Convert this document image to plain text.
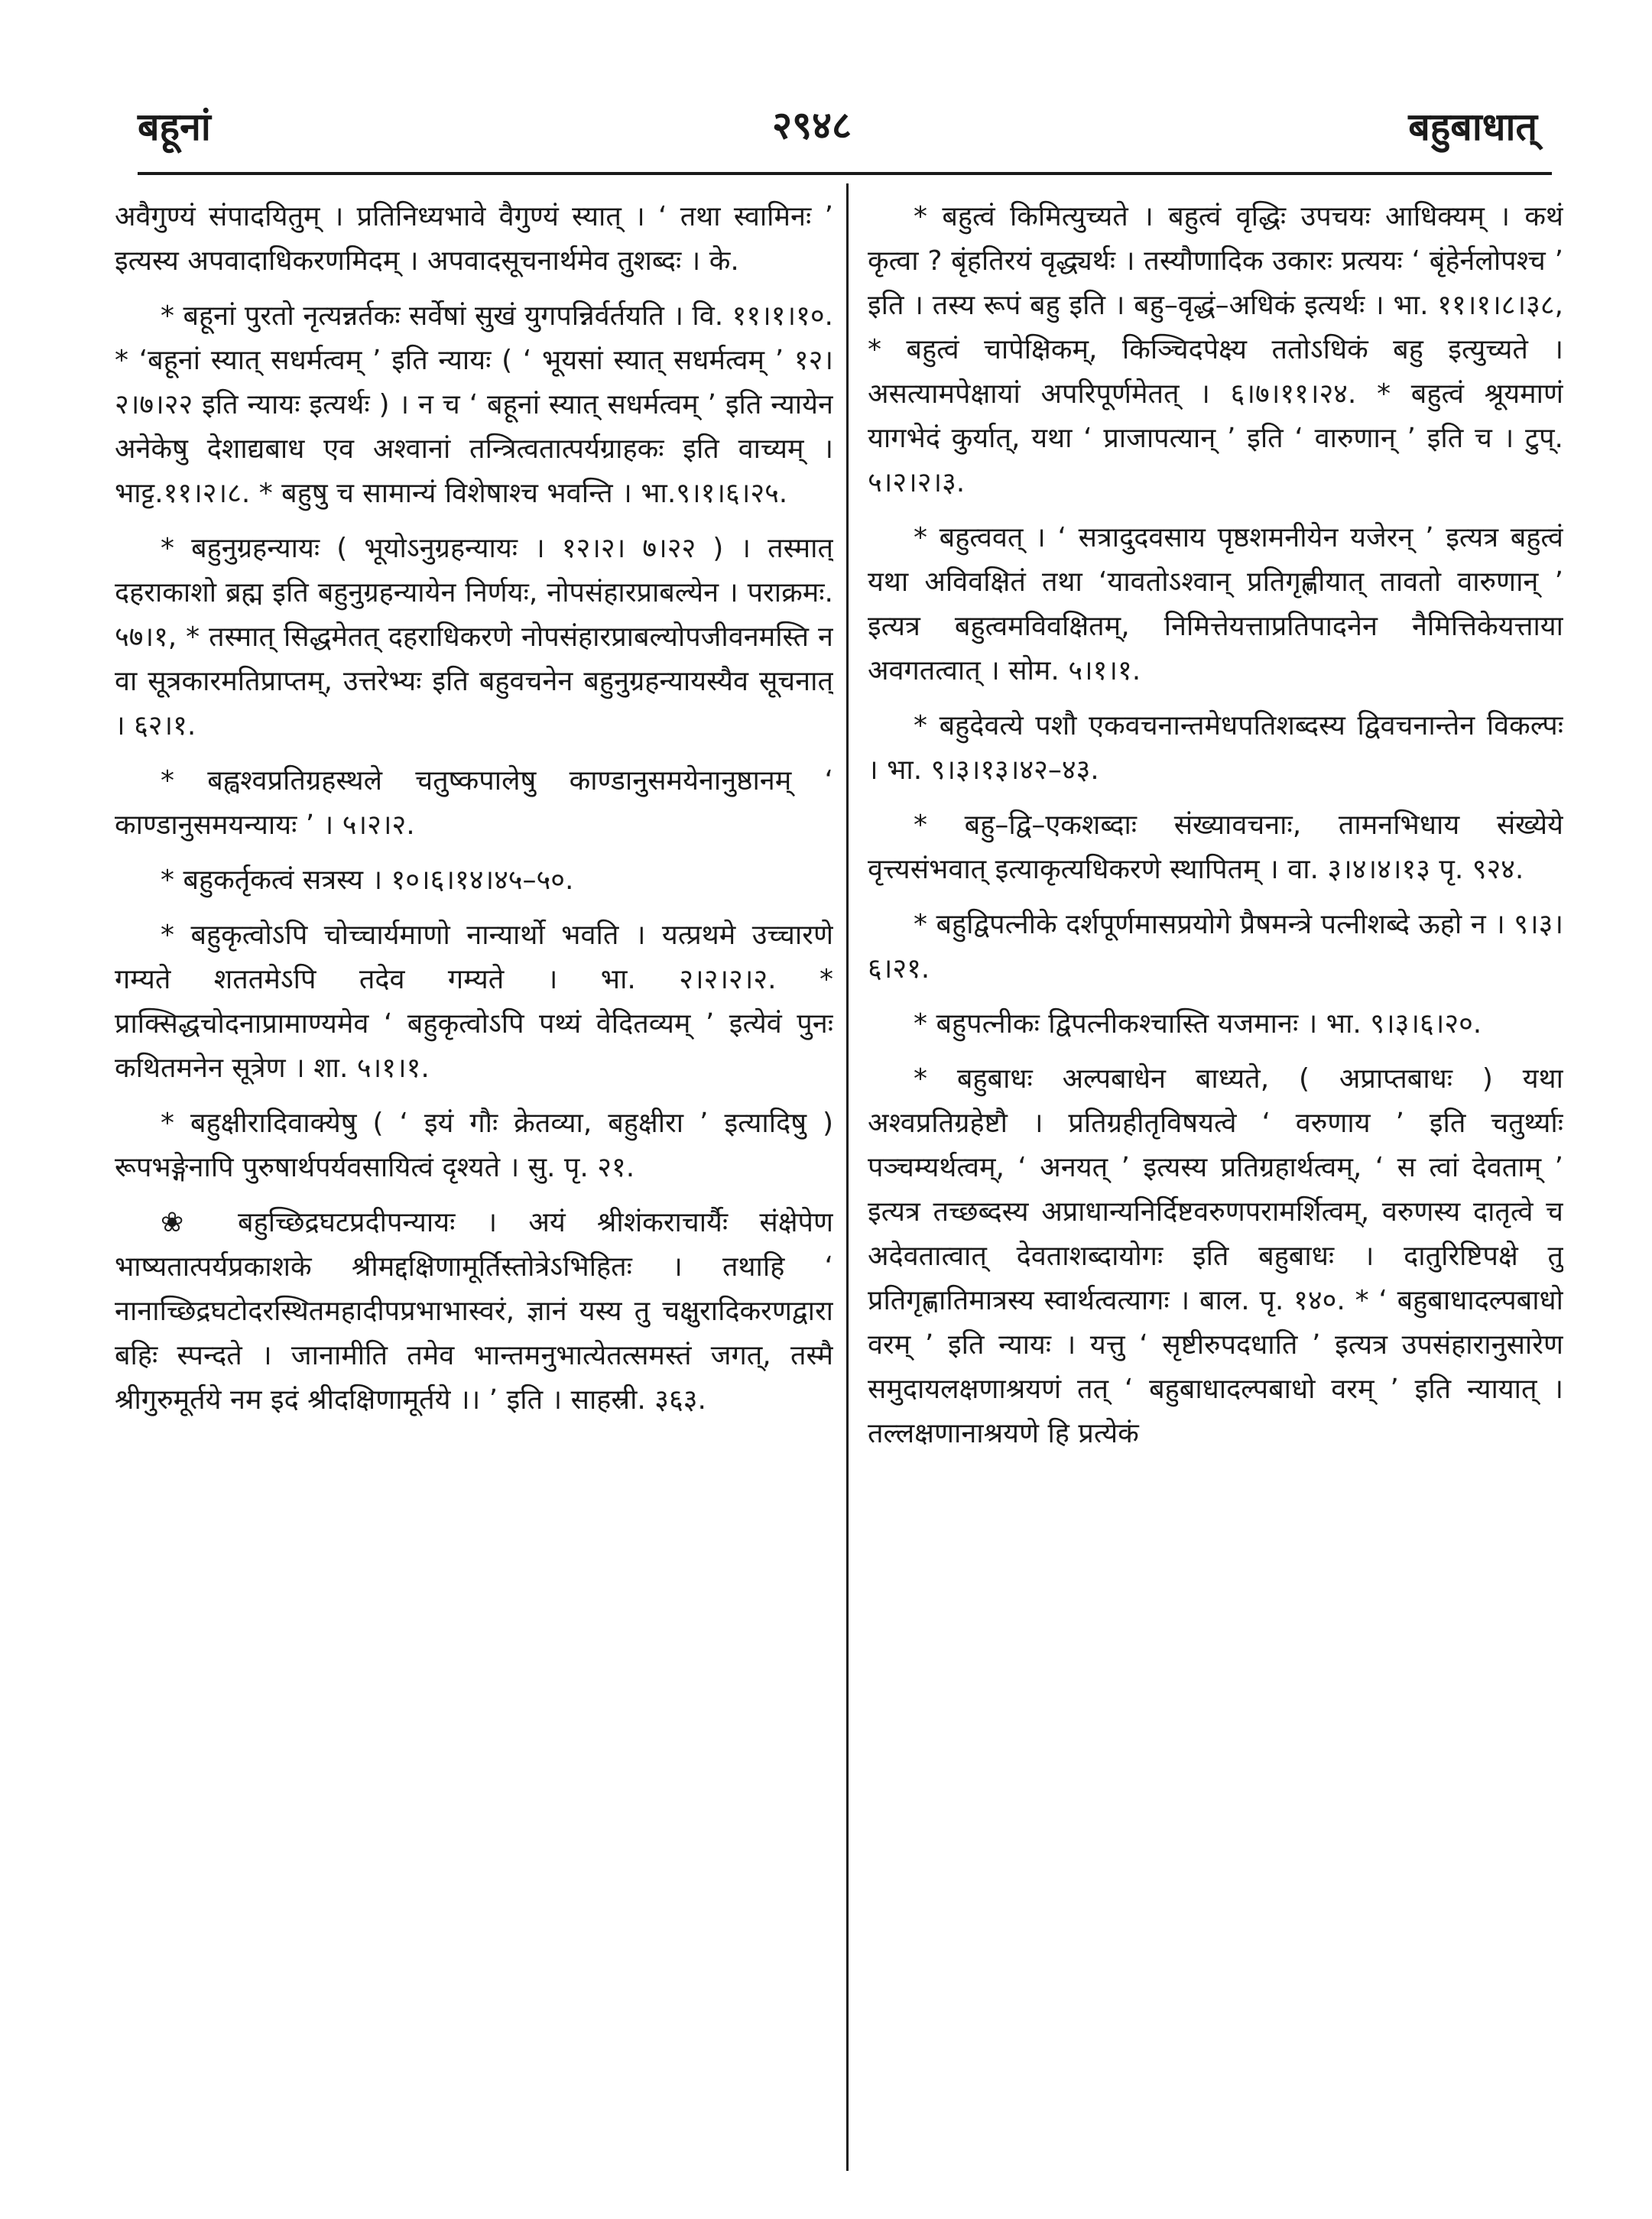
बहूनां	२९४८	बहुबाधात्

अवैगुण्यं संपादयितुम् । प्रतिनिध्यभावे वैगुण्यं स्यात् । ‘ तथा स्वामिनः ’ इत्यस्य अपवादाधिकरणमिदम् । अपवादसूचनार्थमेव तुशब्दः । के.

* बहूनां पुरतो नृत्यन्नर्तकः सर्वेषां सुखं युगपन्निर्वर्तयति । वि. ११।१।१०. * ‘बहूनां स्यात् सधर्मत्वम् ’ इति न्यायः ( ‘ भूयसां स्यात् सधर्मत्वम् ’ १२।२।७।२२ इति न्यायः इत्यर्थः ) । न च ‘ बहूनां स्यात् सधर्मत्वम् ’ इति न्यायेन अनेकेषु देशाद्यबाध एव अश्वानां तन्त्रित्वतात्पर्यग्राहकः इति वाच्यम् । भाट्ट.११।२।८. * बहुषु च सामान्यं विशेषाश्च भवन्ति । भा.९।१।६।२५.

* बहुनुग्रहन्यायः ( भूयोऽनुग्रहन्यायः । १२।२। ७।२२ ) । तस्मात् दहराकाशो ब्रह्म इति बहुनुग्रहन्यायेन निर्णयः, नोपसंहारप्राबल्येन । पराक्रमः. ५७।१, * तस्मात् सिद्धमेतत् दहराधिकरणे नोपसंहारप्राबल्योपजीवनमस्ति न वा सूत्रकारमतिप्राप्तम्, उत्तरेभ्यः इति बहुवचनेन बहुनुग्रहन्यायस्यैव सूचनात् । ६२।१.

* बह्वश्वप्रतिग्रहस्थले चतुष्कपालेषु काण्डानुसमयेनानुष्ठानम् ‘ काण्डानुसमयन्यायः ’ । ५।२।२.

* बहुकर्तृकत्वं सत्रस्य । १०।६।१४।४५–५०.

* बहुकृत्वोऽपि चोच्चार्यमाणो नान्यार्थो भवति । यत्प्रथमे उच्चारणे गम्यते शततमेऽपि तदेव गम्यते । भा. २।२।२।२. * प्राक्सिद्धचोदनाप्रामाण्यमेव ‘ बहुकृत्वोऽपि पथ्यं वेदितव्यम् ’ इत्येवं पुनः कथितमनेन सूत्रेण । शा. ५।१।१.

* बहुक्षीरादिवाक्येषु ( ‘ इयं गौः क्रेतव्या, बहुक्षीरा ’ इत्यादिषु ) रूपभङ्गेनापि पुरुषार्थपर्यवसायित्वं दृश्यते । सु. पृ. २१.

❀ बहुच्छिद्रघटप्रदीपन्यायः । अयं श्रीशंकराचार्यैः संक्षेपेण भाष्यतात्पर्यप्रकाशके श्रीमद्दक्षिणामूर्तिस्तोत्रेऽभिहितः । तथाहि ‘ नानाच्छिद्रघटोदरस्थितमहादीपप्रभाभास्वरं, ज्ञानं यस्य तु चक्षुरादिकरणद्वारा बहिः स्पन्दते । जानामीति तमेव भान्तमनुभात्येतत्समस्तं जगत्, तस्मै श्रीगुरुमूर्तये नम इदं श्रीदक्षिणामूर्तये ।। ’ इति । साहस्री. ३६३.

* बहुत्वं किमित्युच्यते । बहुत्वं वृद्धिः उपचयः आधिक्यम् । कथं कृत्वा ? बृंहतिरयं वृद्ध्यर्थः । तस्यौणादिक उकारः प्रत्ययः ‘ बृंहेर्नलोपश्च ’ इति । तस्य रूपं बहु इति । बहु–वृद्धं–अधिकं इत्यर्थः । भा. ११।१।८।३८, * बहुत्वं चापेक्षिकम्, किञ्चिदपेक्ष्य ततोऽधिकं बहु इत्युच्यते । असत्यामपेक्षायां अपरिपूर्णमेतत् । ६।७।११।२४. * बहुत्वं श्रूयमाणं यागभेदं कुर्यात्, यथा ‘ प्राजापत्यान् ’ इति ‘ वारुणान् ’ इति च । टुप्. ५।२।२।३.

* बहुत्ववत् । ‘ सत्रादुदवसाय पृष्ठशमनीयेन यजेरन् ’ इत्यत्र बहुत्वं यथा अविवक्षितं तथा ‘यावतोऽश्वान् प्रतिगृह्णीयात् तावतो वारुणान् ’ इत्यत्र बहुत्वमविवक्षितम्, निमित्तेयत्ताप्रतिपादनेन नैमित्तिकेयत्ताया अवगतत्वात् । सोम. ५।१।१.

* बहुदेवत्ये पशौ एकवचनान्तमेधपतिशब्दस्य द्विवचनान्तेन विकल्पः । भा. ९।३।१३।४२–४३.

* बहु–द्वि–एकशब्दाः संख्यावचनाः, तामनभिधाय संख्येये वृत्त्यसंभवात् इत्याकृत्यधिकरणे स्थापितम् । वा. ३।४।४।१३ पृ. ९२४.

* बहुद्विपत्नीके दर्शपूर्णमासप्रयोगे प्रैषमन्त्रे पत्नीशब्दे ऊहो न । ९।३।६।२१.

* बहुपत्नीकः द्विपत्नीकश्चास्ति यजमानः । भा. ९।३।६।२०.

* बहुबाधः अल्पबाधेन बाध्यते, ( अप्राप्तबाधः ) यथा अश्वप्रतिग्रहेष्टौ । प्रतिग्रहीतृविषयत्वे ‘ वरुणाय ’ इति चतुर्थ्याः पञ्चम्यर्थत्वम्, ‘ अनयत् ’ इत्यस्य प्रतिग्रहार्थत्वम्, ‘ स त्वां देवताम् ’ इत्यत्र तच्छब्दस्य अप्राधान्यनिर्दिष्टवरुणपरामर्शित्वम्, वरुणस्य दातृत्वे च अदेवतात्वात् देवताशब्दायोगः इति बहुबाधः । दातुरिष्टिपक्षे तु प्रतिगृह्णातिमात्रस्य स्वार्थत्वत्यागः । बाल. पृ. १४०. * ‘ बहुबाधादल्पबाधो वरम् ’ इति न्यायः । यत्तु ‘ सृष्टीरुपदधाति ’ इत्यत्र उपसंहारानुसारेण समुदायलक्षणाश्रयणं तत् ‘ बहुबाधादल्पबाधो वरम् ’ इति न्यायात् । तल्लक्षणानाश्रयणे हि प्रत्येकं
